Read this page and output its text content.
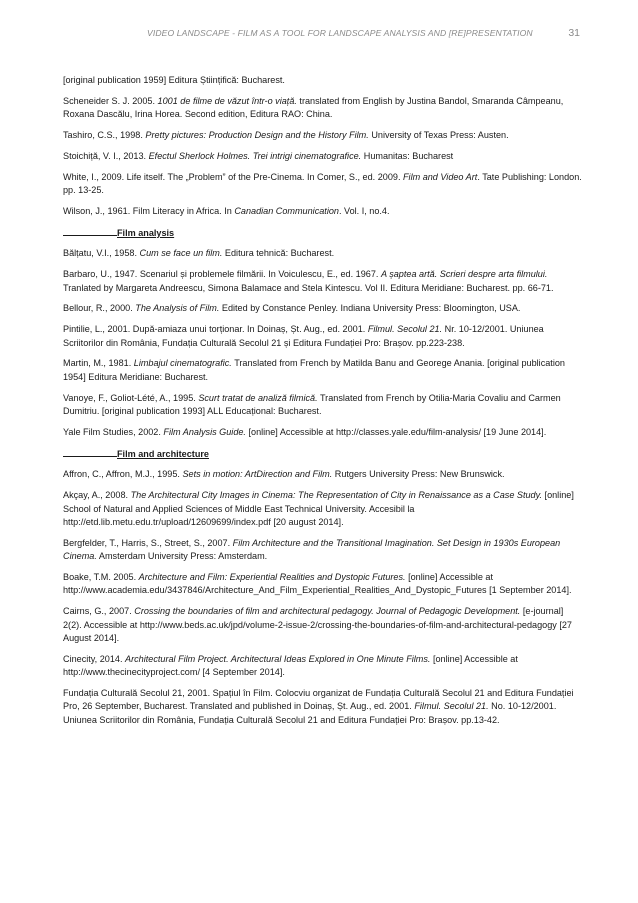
VIDEO LANDSCAPE - FILM AS A TOOL FOR LANDSCAPE ANALYSIS AND [RE]PRESENTATION	31

[original publication 1959] Editura Științifică: Bucharest.

Scheneider S. J. 2005. 1001 de filme de văzut într-o viață. translated from English by Justina Bandol, Smaranda Câmpeanu, Roxana Dascălu, Irina Horea. Second edition, Editura RAO: China.

Tashiro, C.S., 1998. Pretty pictures: Production Design and the History Film. University of Texas Press: Austen.

Stoichiță, V. I., 2013. Efectul Sherlock Holmes. Trei intrigi cinematografice. Humanitas: Bucharest

White, I., 2009. Life itself. The „Problem” of the Pre-Cinema. In Comer, S., ed. 2009. Film and Video Art. Tate Publishing: London. pp. 13-25.

Wilson, J., 1961. Film Literacy in Africa. In Canadian Communication. Vol. I, no.4.

Film analysis

Bălțatu, V.I., 1958. Cum se face un film. Editura tehnică: Bucharest.

Barbaro, U., 1947. Scenariul și problemele filmării. In Voiculescu, E., ed. 1967. A șaptea artă. Scrieri despre arta filmului. Tranlated by Margareta Andreescu, Simona Balamace and Stela Kintescu. Vol II. Editura Meridiane: Bucharest. pp. 66-71.

Bellour, R., 2000. The Analysis of Film. Edited by Constance Penley. Indiana University Press: Bloomington, USA.

Pintilie, L., 2001. După-amiaza unui torționar. In Doinaș, Șt. Aug., ed. 2001. Filmul. Secolul 21. Nr. 10-12/2001. Uniunea Scriitorilor din România, Fundația Culturală Secolul 21 și Editura Fundației Pro: Brașov. pp.223-238.

Martin, M., 1981. Limbajul cinematografic. Translated from French by Matilda Banu and Georege Anania. [original publication 1954] Editura Meridiane: Bucharest.

Vanoye, F., Goliot-Lété, A., 1995. Scurt tratat de analiză filmică. Translated from French by Otilia-Maria Covaliu and Carmen Dumitriu. [original publication 1993] ALL Educațional: Bucharest.

Yale Film Studies, 2002. Film Analysis Guide. [online] Accessible at http://classes.yale.edu/film-analysis/ [19 June 2014].

Film and architecture

Affron, C., Affron, M.J., 1995. Sets in motion: ArtDirection and Film. Rutgers University Press: New Brunswick.

Akçay, A., 2008. The Architectural City Images in Cinema: The Representation of City in Renaissance as a Case Study. [online] School of Natural and Applied Sciences of Middle East Technical University. Accesibil la http://etd.lib.metu.edu.tr/upload/12609699/index.pdf [20 august 2014].

Bergfelder, T., Harris, S., Street, S., 2007. Film Architecture and the Transitional Imagination. Set Design in 1930s European Cinema. Amsterdam University Press: Amsterdam.

Boake, T.M. 2005. Architecture and Film: Experiential Realities and Dystopic Futures. [online] Accessible at http://www.academia.edu/3437846/Architecture_And_Film_Experiential_Realities_And_Dystopic_Futures [1 September 2014].

Cairns, G., 2007. Crossing the boundaries of film and architectural pedagogy. Journal of Pedagogic Development. [e-journal] 2(2). Accessible at http://www.beds.ac.uk/jpd/volume-2-issue-2/crossing-the-boundaries-of-film-and-architectural-pedagogy [27 August 2014].

Cinecity, 2014. Architectural Film Project. Architectural Ideas Explored in One Minute Films. [online] Accessible at http://www.thecinecityproject.com/ [4 September 2014].

Fundația Culturală Secolul 21, 2001. Spațiul în Film. Colocviu organizat de Fundația Culturală Secolul 21 and Editura Fundației Pro, 26 September, Bucharest. Translated and published in Doinaș, Șt. Aug., ed. 2001. Filmul. Secolul 21. No. 10-12/2001. Uniunea Scriitorilor din România, Fundația Culturală Secolul 21 and Editura Fundației Pro: Brașov. pp.13-42.
